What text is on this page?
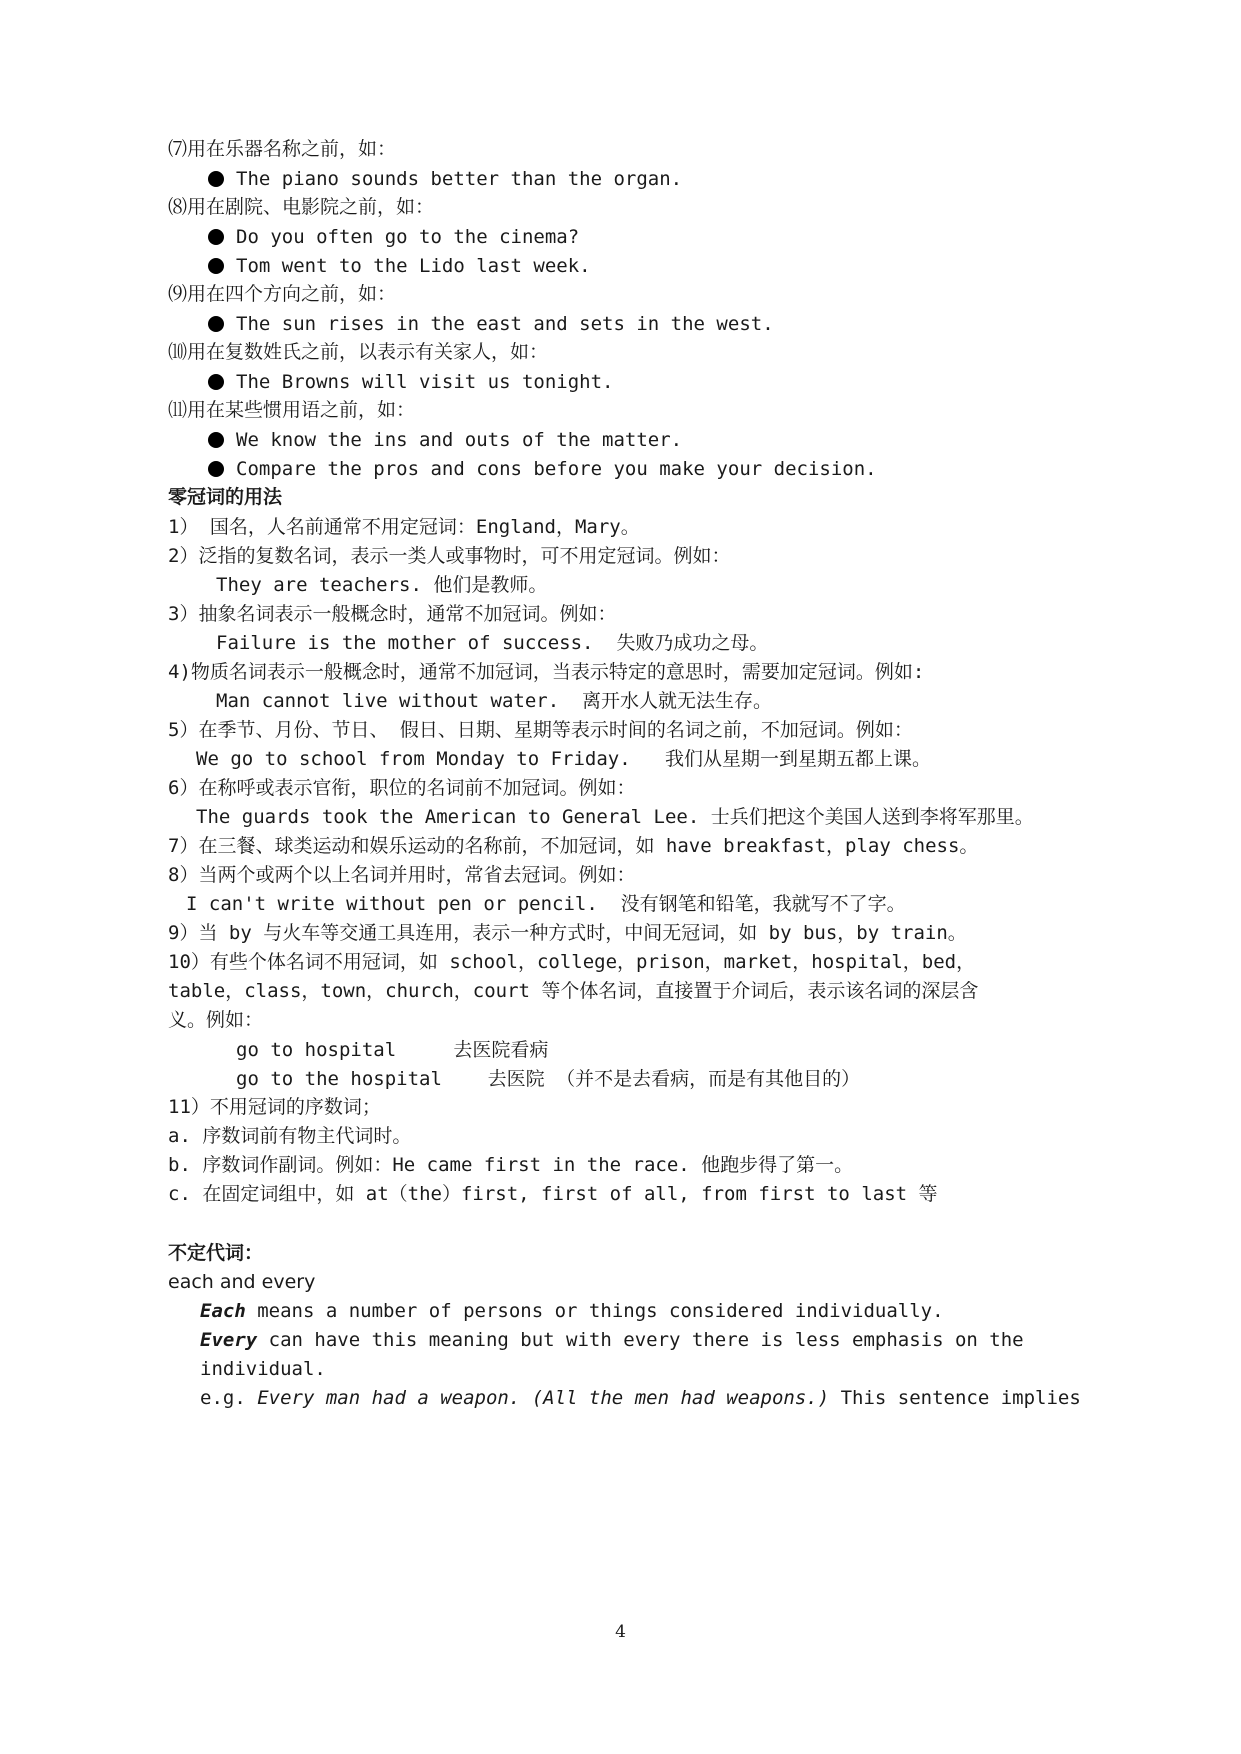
⑺用在乐器名称之前，如：
The piano sounds better than the organ.
⑻用在剧院、电影院之前，如：
Do you often go to the cinema?
Tom went to the Lido last week.
⑼用在四个方向之前，如：
The sun rises in the east and sets in the west.
⑽用在复数姓氏之前，以表示有关家人，如：
The Browns will visit us tonight.
⑾用在某些惯用语之前，如：
We know the ins and outs of the matter.
Compare the pros and cons before you make your decision.
零冠词的用法
1） 国名，人名前通常不用定冠词：England，Mary。
2）泛指的复数名词，表示一类人或事物时，可不用定冠词。例如：
They are teachers. 他们是教师。
3）抽象名词表示一般概念时，通常不加冠词。例如：
Failure is the mother of success.  失败乃成功之母。
4)物质名词表示一般概念时，通常不加冠词，当表示特定的意思时，需要加定冠词。例如:
Man cannot live without water.  离开水人就无法生存。
5）在季节、月份、节日、 假日、日期、星期等表示时间的名词之前，不加冠词。例如：
We go to school from Monday to Friday.   我们从星期一到星期五都上课。
6）在称呼或表示官衔，职位的名词前不加冠词。例如：
The guards took the American to General Lee. 士兵们把这个美国人送到李将军那里。
7）在三餐、球类运动和娱乐运动的名称前，不加冠词，如 have breakfast，play chess。
8）当两个或两个以上名词并用时，常省去冠词。例如：
I can't write without pen or pencil.  没有钢笔和铅笔，我就写不了字。
9）当 by 与火车等交通工具连用，表示一种方式时，中间无冠词，如 by bus，by train。
10）有些个体名词不用冠词，如 school，college，prison，market，hospital，bed，
table，class，town，church，court 等个体名词，直接置于介词后，表示该名词的深层含
义。例如：
go to hospital     去医院看病
go to the hospital    去医院 （并不是去看病，而是有其他目的）
11）不用冠词的序数词；
a. 序数词前有物主代词时。
b. 序数词作副词。例如：He came first in the race. 他跑步得了第一。
c. 在固定词组中，如 at（the）first, first of all, from first to last 等
不定代词：
each and every
Each means a number of persons or things considered individually.
Every can have this meaning but with every there is less emphasis on the
individual.
e.g. Every man had a weapon. (All the men had weapons.) This sentence implies
4
